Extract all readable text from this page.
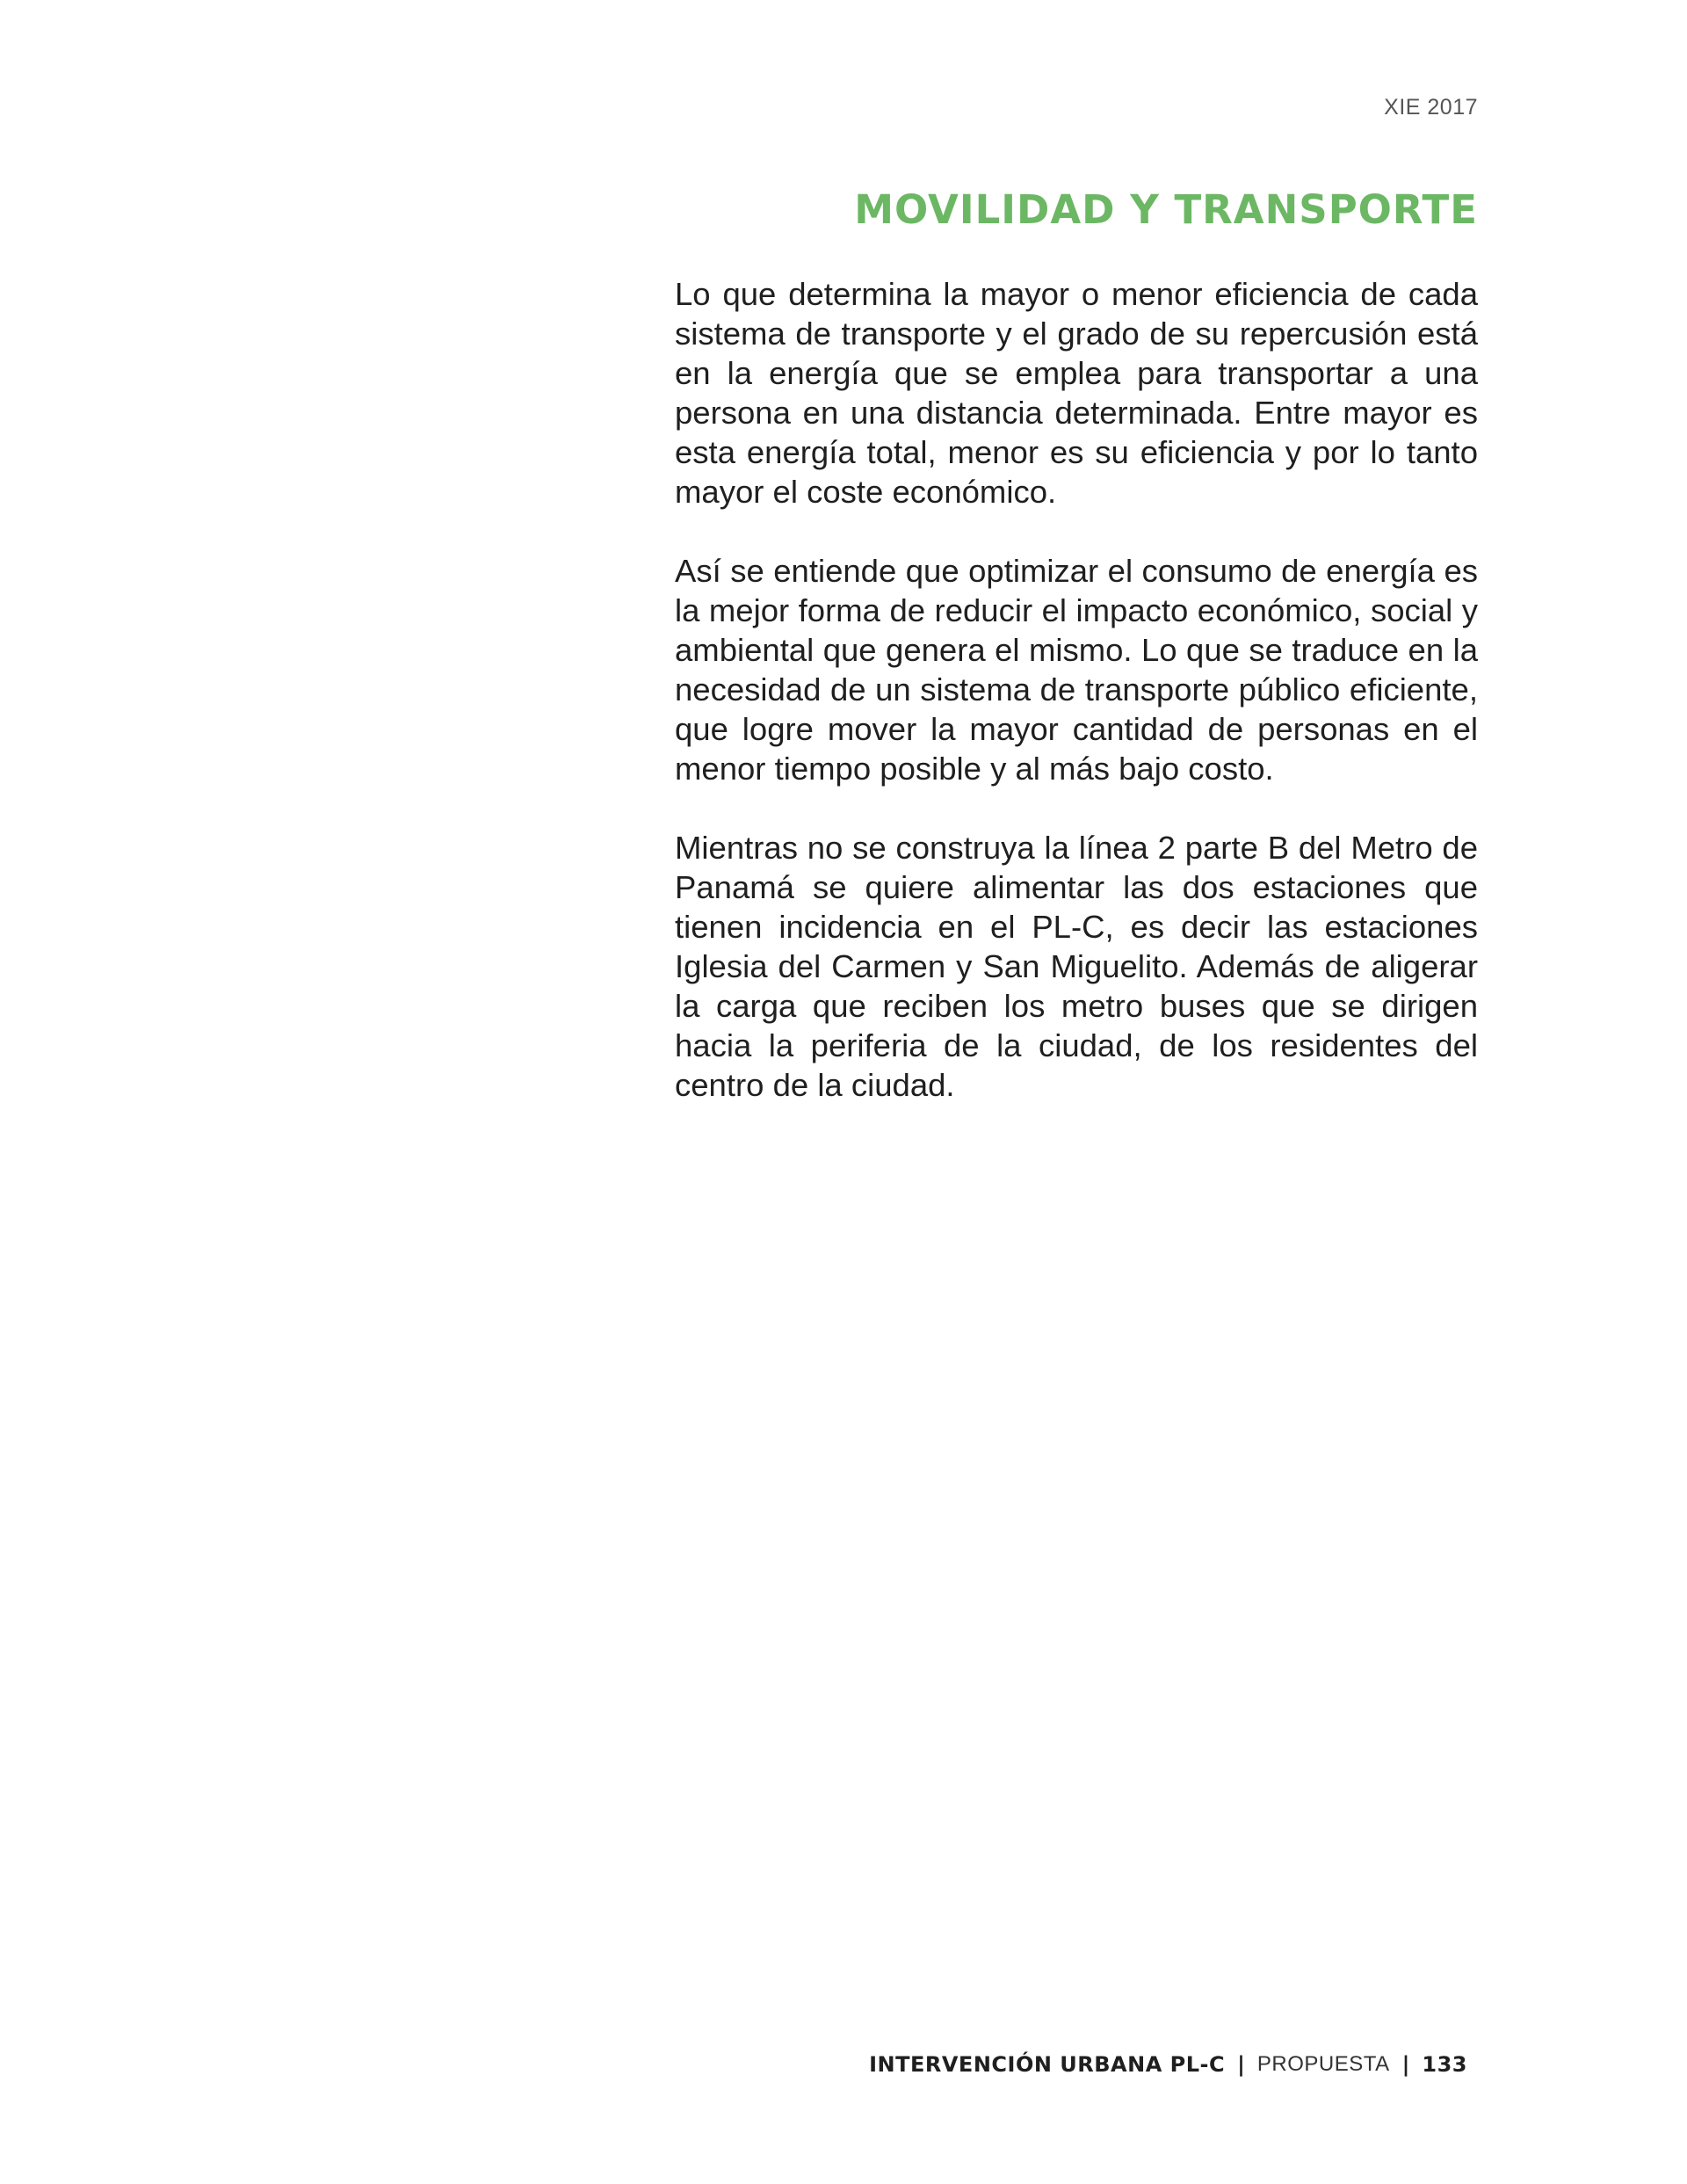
XIE 2017
MOVILIDAD Y TRANSPORTE

Lo que determina la mayor o menor eficiencia de cada sistema de transporte y el grado de su repercusión está en la energía que se emplea para transportar a una persona en una distancia determinada. Entre mayor es esta energía total, menor es su eficiencia y por lo tanto mayor el coste económico.

Así se entiende que optimizar el consumo de energía es la mejor forma de reducir el impacto económico, social y ambiental que genera el mismo. Lo que se traduce en la necesidad de un sistema de transporte público eficiente, que logre mover la mayor cantidad de personas en el menor tiempo posible y al más bajo costo.

Mientras no se construya la línea 2 parte B del Metro de Panamá se quiere alimentar las dos estaciones que tienen incidencia en el PL-C, es decir las estaciones Iglesia del Carmen y San Miguelito. Además de aligerar la carga que reciben los metro buses que se dirigen hacia la periferia de la ciudad, de los residentes del centro de la ciudad.

INTERVENCIÓN URBANA PL-C | PROPUESTA | 133
